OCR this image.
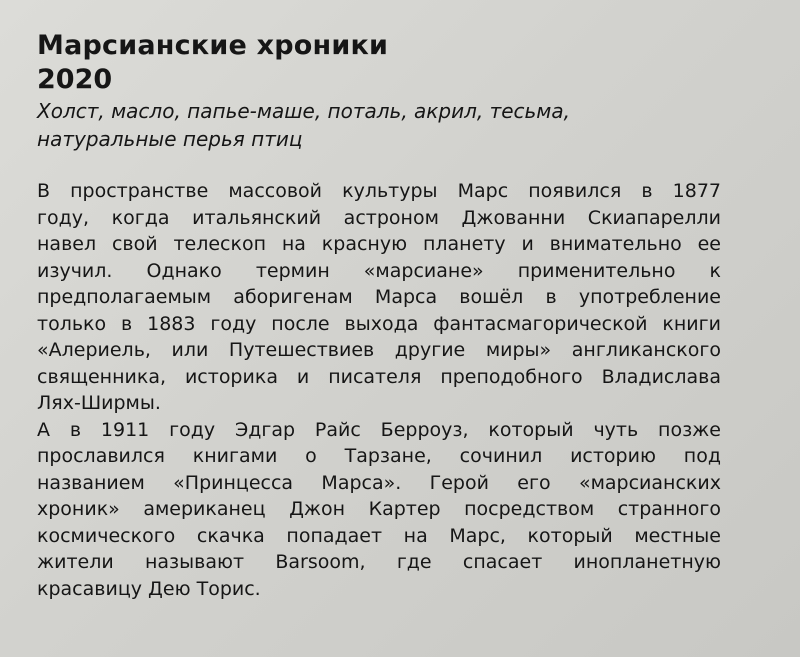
Марсианские хроники
2020
Холст, масло, папье-маше, поталь, акрил, тесьма,
натуральные перья птиц
В пространстве массовой культуры Марс появился в 1877
году, когда итальянский астроном Джованни Скиапарелли
навел свой телескоп на красную планету и внимательно ее
изучил. Однако термин «марсиане» применительно к
предполагаемым аборигенам Марса вошёл в употребление
только в 1883 году после выхода фантасмагорической книги
«Алериель, или Путешествиев другие миры» англиканского
священника, историка и писателя преподобного Владислава
Лях-Ширмы.
А в 1911 году Эдгар Райс Берроуз, который чуть позже
прославился книгами о Тарзане, сочинил историю под
названием «Принцесса Марса». Герой его «марсианских
хроник» американец Джон Картер посредством странного
космического скачка попадает на Марс, который местные
жители называют Barsoom, где спасает инопланетную
красавицу Дею Торис.
